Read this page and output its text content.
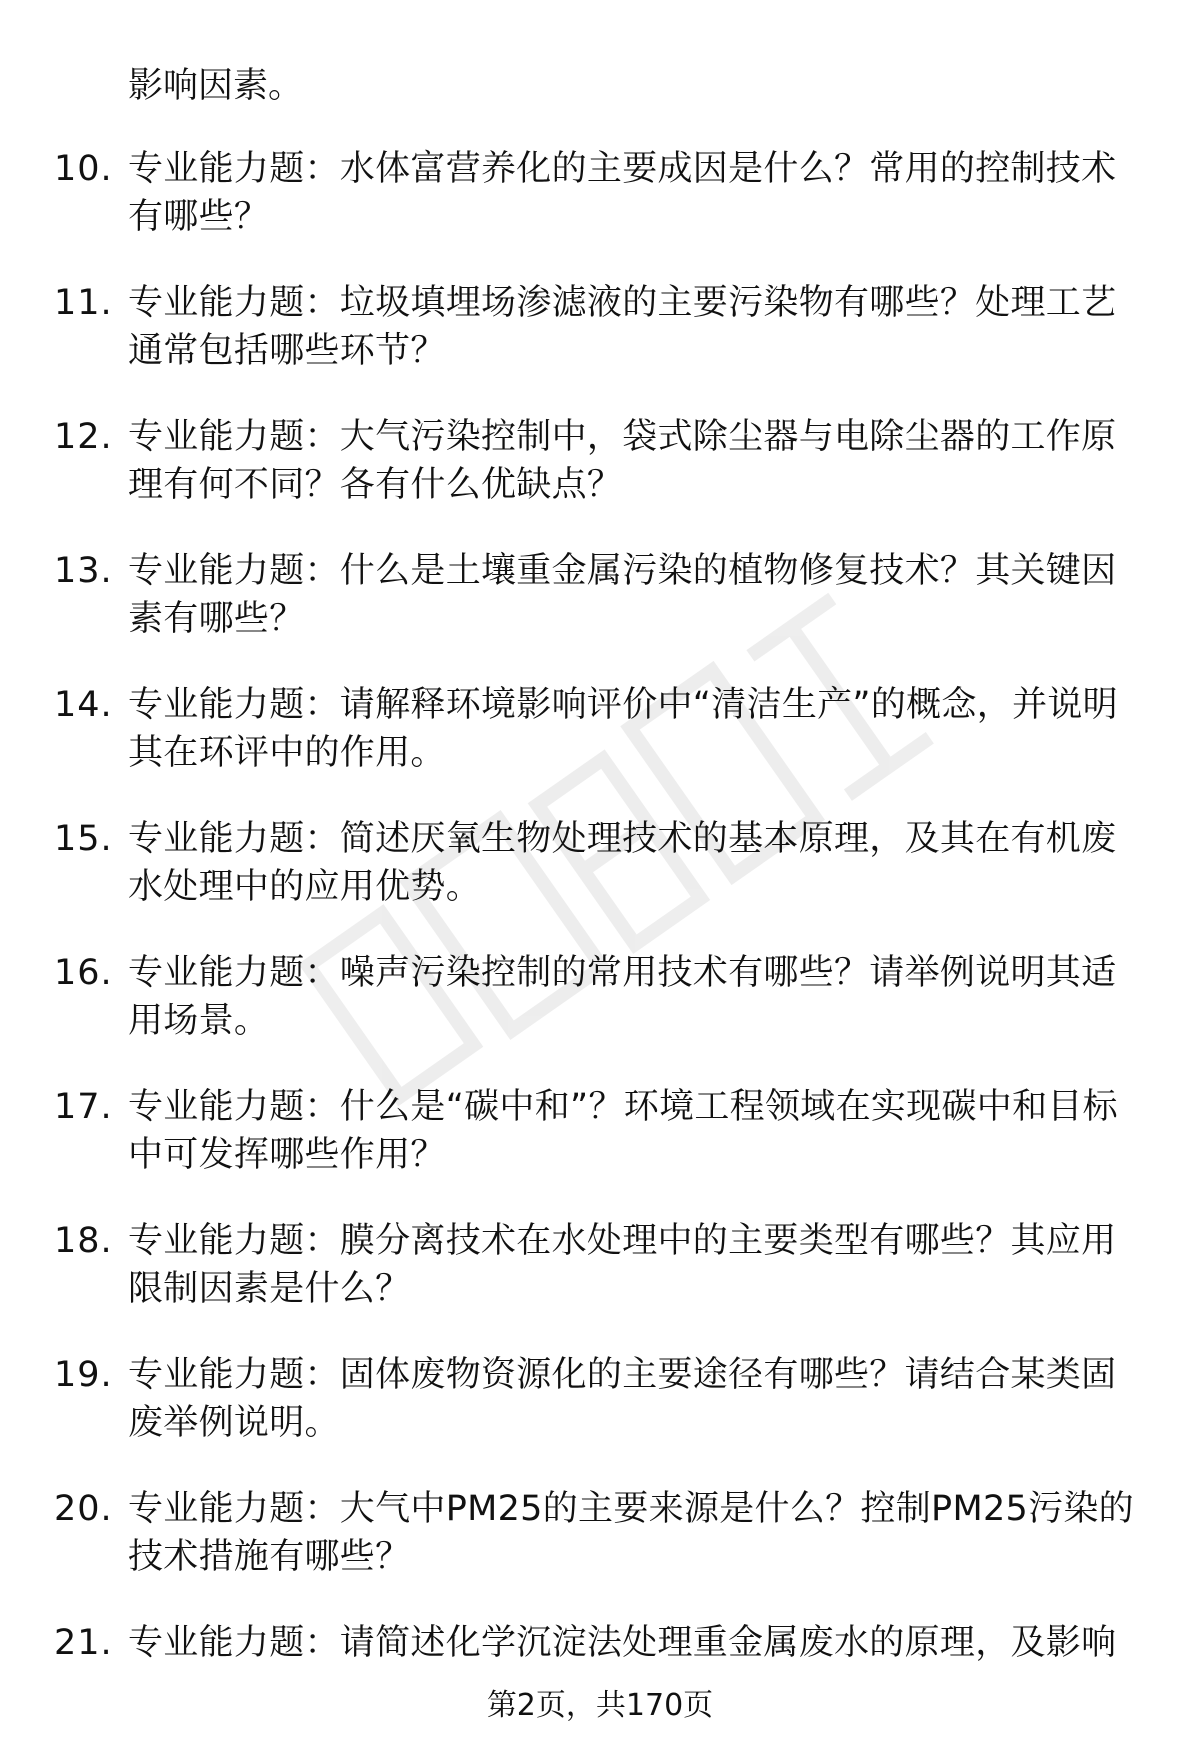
影响因素。
10. 专业能力题：水体富营养化的主要成因是什么？常用的控制技术有哪些？
11. 专业能力题：垃圾填埋场渗滤液的主要污染物有哪些？处理工艺通常包括哪些环节？
12. 专业能力题：大气污染控制中，袋式除尘器与电除尘器的工作原理有何不同？各有什么优缺点？
13. 专业能力题：什么是土壤重金属污染的植物修复技术？其关键因素有哪些？
14. 专业能力题：请解释环境影响评价中“清洁生产”的概念，并说明其在环评中的作用。
15. 专业能力题：简述厌氧生物处理技术的基本原理，及其在有机废水处理中的应用优势。
16. 专业能力题：噪声污染控制的常用技术有哪些？请举例说明其适用场景。
17. 专业能力题：什么是“碳中和”？环境工程领域在实现碳中和目标中可发挥哪些作用？
18. 专业能力题：膜分离技术在水处理中的主要类型有哪些？其应用限制因素是什么？
19. 专业能力题：固体废物资源化的主要途径有哪些？请结合某类固废举例说明。
20. 专业能力题：大气中PM25的主要来源是什么？控制PM25污染的技术措施有哪些？
21. 专业能力题：请简述化学沉淀法处理重金属废水的原理，及影响
第2页，共170页
